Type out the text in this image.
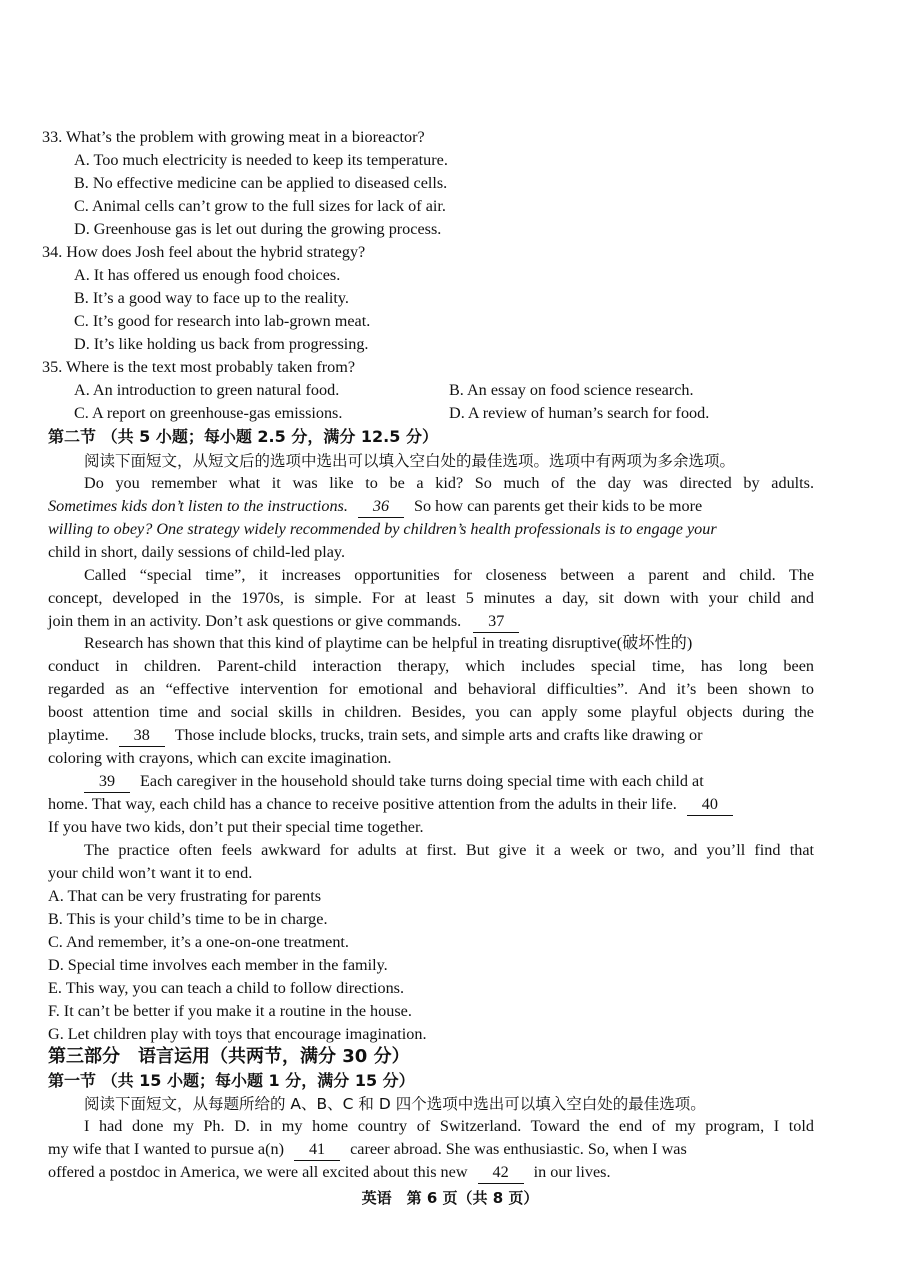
33. What’s the problem with growing meat in a bioreactor?
A. Too much electricity is needed to keep its temperature.
B. No effective medicine can be applied to diseased cells.
C. Animal cells can’t grow to the full sizes for lack of air.
D. Greenhouse gas is let out during the growing process.
34. How does Josh feel about the hybrid strategy?
A. It has offered us enough food choices.
B. It’s a good way to face up to the reality.
C. It’s good for research into lab-grown meat.
D. It’s like holding us back from progressing.
35. Where is the text most probably taken from?
A. An introduction to green natural food.	B. An essay on food science research.
C. A report on greenhouse-gas emissions.	D. A review of human’s search for food.
第二节 （共 5 小题；每小题 2.5 分，满分 12.5 分）
阅读下面短文，从短文后的选项中选出可以填入空白处的最佳选项。选项中有两项为多余选项。
Do you remember what it was like to be a kid? So much of the day was directed by adults.
Sometimes kids don’t listen to the instructions. 36 So how can parents get their kids to be more
willing to obey? One strategy widely recommended by children’s health professionals is to engage your
child in short, daily sessions of child-led play.
Called “special time”, it increases opportunities for closeness between a parent and child. The
concept, developed in the 1970s, is simple. For at least 5 minutes a day, sit down with your child and
join them in an activity. Don’t ask questions or give commands. 37
Research has shown that this kind of playtime can be helpful in treating disruptive(破坏性的)
conduct in children. Parent-child interaction therapy, which includes special time, has long been
regarded as an “effective intervention for emotional and behavioral difficulties”. And it’s been shown to
boost attention time and social skills in children. Besides, you can apply some playful objects during the
playtime. 38 Those include blocks, trucks, train sets, and simple arts and crafts like drawing or
coloring with crayons, which can excite imagination.
39 Each caregiver in the household should take turns doing special time with each child at
home. That way, each child has a chance to receive positive attention from the adults in their life. 40
If you have two kids, don’t put their special time together.
The practice often feels awkward for adults at first. But give it a week or two, and you’ll find that
your child won’t want it to end.
A. That can be very frustrating for parents
B. This is your child’s time to be in charge.
C. And remember, it’s a one-on-one treatment.
D. Special time involves each member in the family.
E. This way, you can teach a child to follow directions.
F. It can’t be better if you make it a routine in the house.
G. Let children play with toys that encourage imagination.
第三部分　语言运用（共两节，满分 30 分）
第一节 （共 15 小题；每小题 1 分，满分 15 分）
阅读下面短文，从每题所给的 A、B、C 和 D 四个选项中选出可以填入空白处的最佳选项。
I had done my Ph. D. in my home country of Switzerland. Toward the end of my program, I told
my wife that I wanted to pursue a(n) 41 career abroad. She was enthusiastic. So, when I was
offered a postdoc in America, we were all excited about this new 42 in our lives.
英语　第 6 页（共 8 页）
